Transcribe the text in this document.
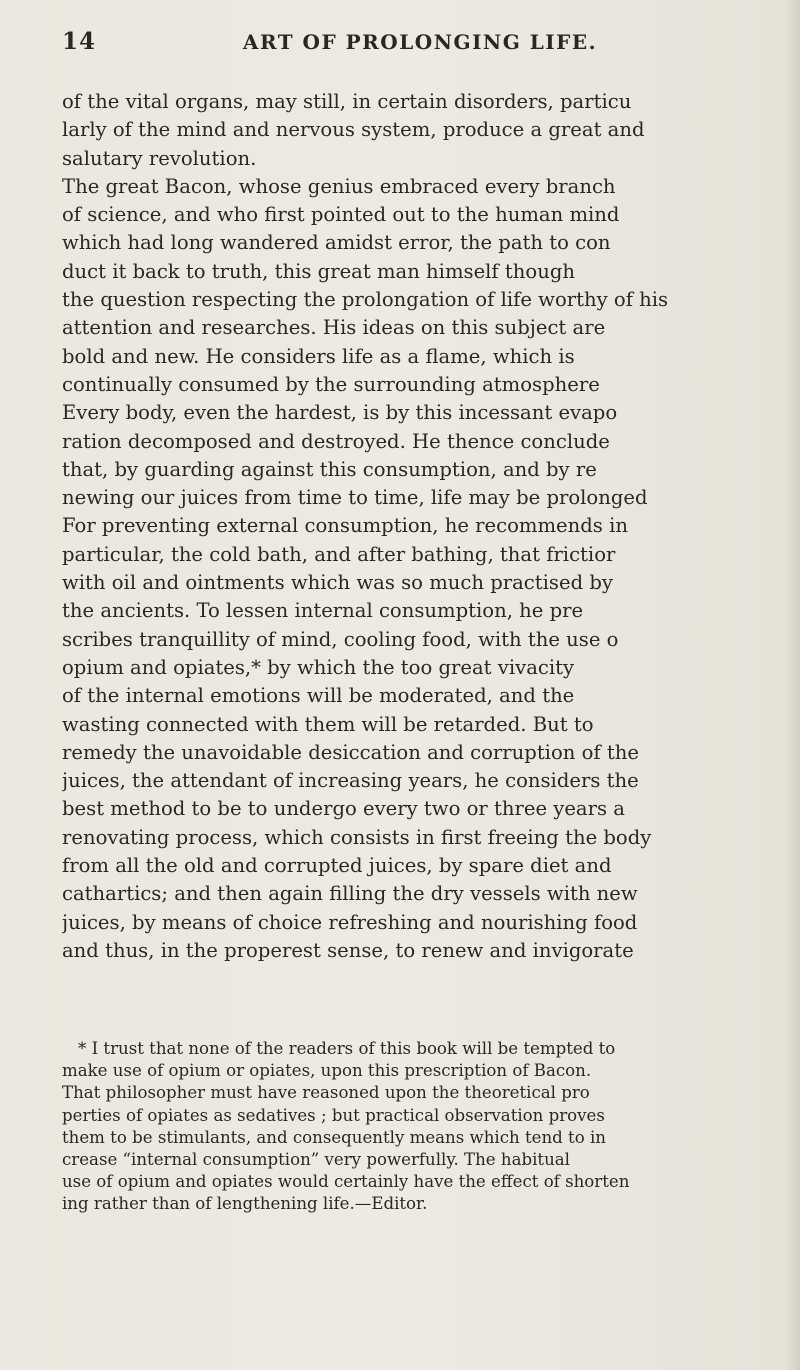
14	ART OF PROLONGING LIFE.
of the vital organs, may still, in certain disorders, particu
larly of the mind and nervous system, produce a great and
salutary revolution.
The great Bacon, whose genius embraced every branch
of science, and who first pointed out to the human mind
which had long wandered amidst error, the path to con
duct it back to truth, this great man himself though
the question respecting the prolongation of life worthy of his
attention and researches. His ideas on this subject are
bold and new. He considers life as a flame, which is
continually consumed by the surrounding atmosphere
Every body, even the hardest, is by this incessant evapo
ration decomposed and destroyed. He thence conclude
that, by guarding against this consumption, and by re
newing our juices from time to time, life may be prolonged
For preventing external consumption, he recommends in
particular, the cold bath, and after bathing, that frictior
with oil and ointments which was so much practised by
the ancients. To lessen internal consumption, he pre
scribes tranquillity of mind, cooling food, with the use o
opium and opiates,* by which the too great vivacity
of the internal emotions will be moderated, and the
wasting connected with them will be retarded. But to
remedy the unavoidable desiccation and corruption of the
juices, the attendant of increasing years, he considers the
best method to be to undergo every two or three years a
renovating process, which consists in first freeing the body
from all the old and corrupted juices, by spare diet and
cathartics; and then again filling the dry vessels with new
juices, by means of choice refreshing and nourishing food
and thus, in the properest sense, to renew and invigorate
* I trust that none of the readers of this book will be tempted to
make use of opium or opiates, upon this prescription of Bacon.
That philosopher must have reasoned upon the theoretical pro
perties of opiates as sedatives ; but practical observation proves
them to be stimulants, and consequently means which tend to in
crease “internal consumption” very powerfully. The habitual
use of opium and opiates would certainly have the effect of shorten
ing rather than of lengthening life.—Editor.
